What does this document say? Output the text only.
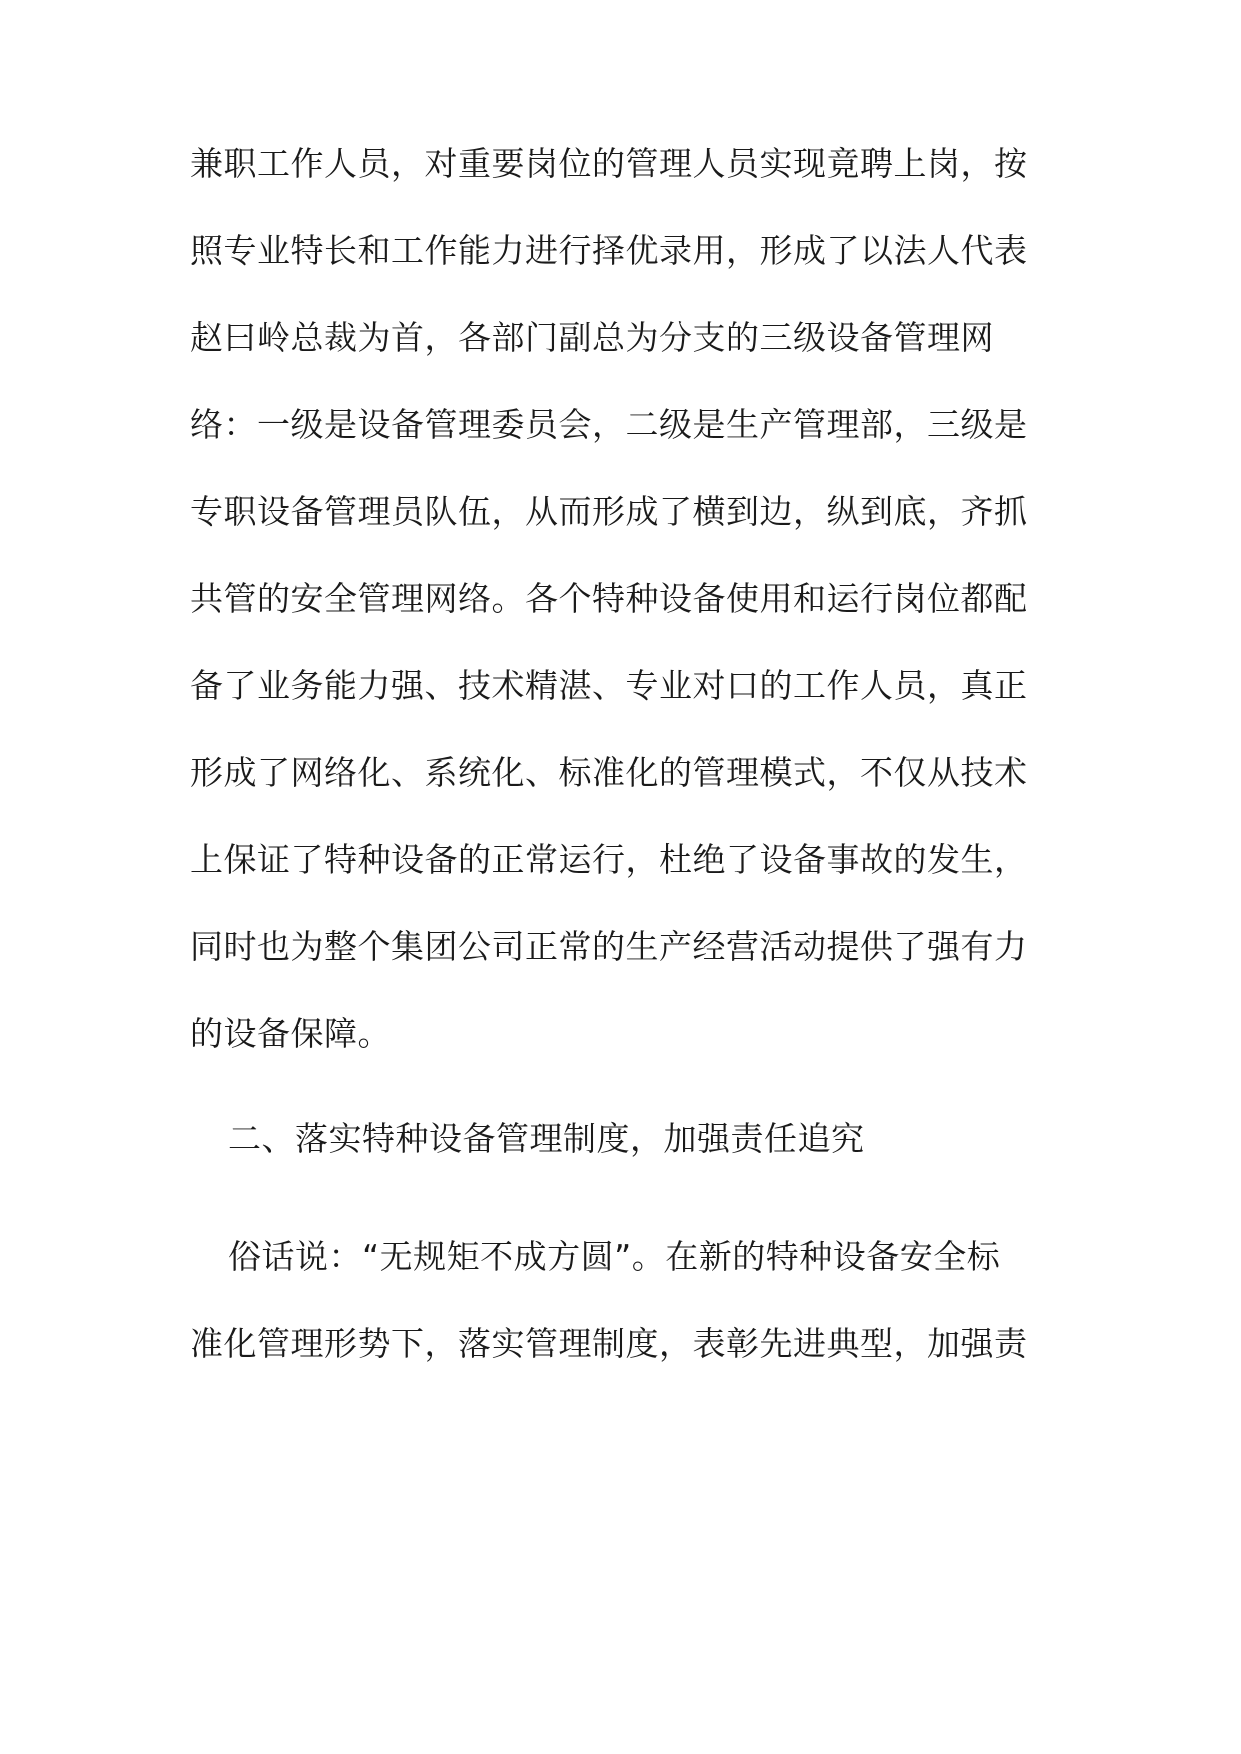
兼职工作人员，对重要岗位的管理人员实现竟聘上岗，按
照专业特长和工作能力进行择优录用，形成了以法人代表
赵曰岭总裁为首，各部门副总为分支的三级设备管理网
络：一级是设备管理委员会，二级是生产管理部，三级是
专职设备管理员队伍，从而形成了横到边，纵到底，齐抓
共管的安全管理网络。各个特种设备使用和运行岗位都配
备了业务能力强、技术精湛、专业对口的工作人员，真正
形成了网络化、系统化、标准化的管理模式，不仅从技术
上保证了特种设备的正常运行，杜绝了设备事故的发生，
同时也为整个集团公司正常的生产经营活动提供了强有力
的设备保障。
二、落实特种设备管理制度，加强责任追究
俗话说：“无规矩不成方圆”。在新的特种设备安全标
准化管理形势下，落实管理制度，表彰先进典型，加强责
